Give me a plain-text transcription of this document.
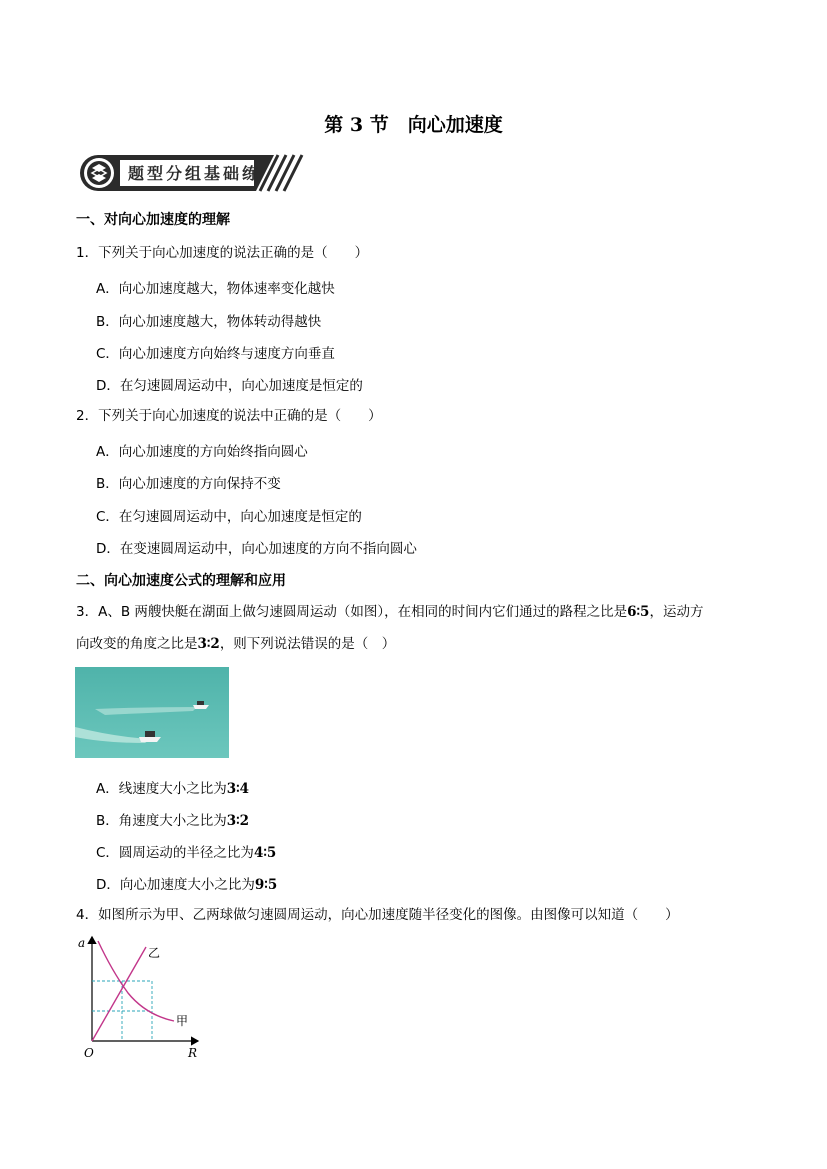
第 3 节　向心加速度
题型分组基础练
一、对向心加速度的理解
1．下列关于向心加速度的说法正确的是（　　）
A．向心加速度越大，物体速率变化越快
B．向心加速度越大，物体转动得越快
C．向心加速度方向始终与速度方向垂直
D．在匀速圆周运动中，向心加速度是恒定的
2．下列关于向心加速度的说法中正确的是（　　）
A．向心加速度的方向始终指向圆心
B．向心加速度的方向保持不变
C．在匀速圆周运动中，向心加速度是恒定的
D．在变速圆周运动中，向心加速度的方向不指向圆心
二、向心加速度公式的理解和应用
3．A、B 两艘快艇在湖面上做匀速圆周运动（如图），在相同的时间内它们通过的路程之比是6∶5，运动方
向改变的角度之比是3∶2，则下列说法错误的是（　）
A．线速度大小之比为3∶4
B．角速度大小之比为3∶2
C．圆周运动的半径之比为4∶5
D．向心加速度大小之比为9∶5
4．如图所示为甲、乙两球做匀速圆周运动，向心加速度随半径变化的图像。由图像可以知道（　　）
a
R
O
乙
甲
